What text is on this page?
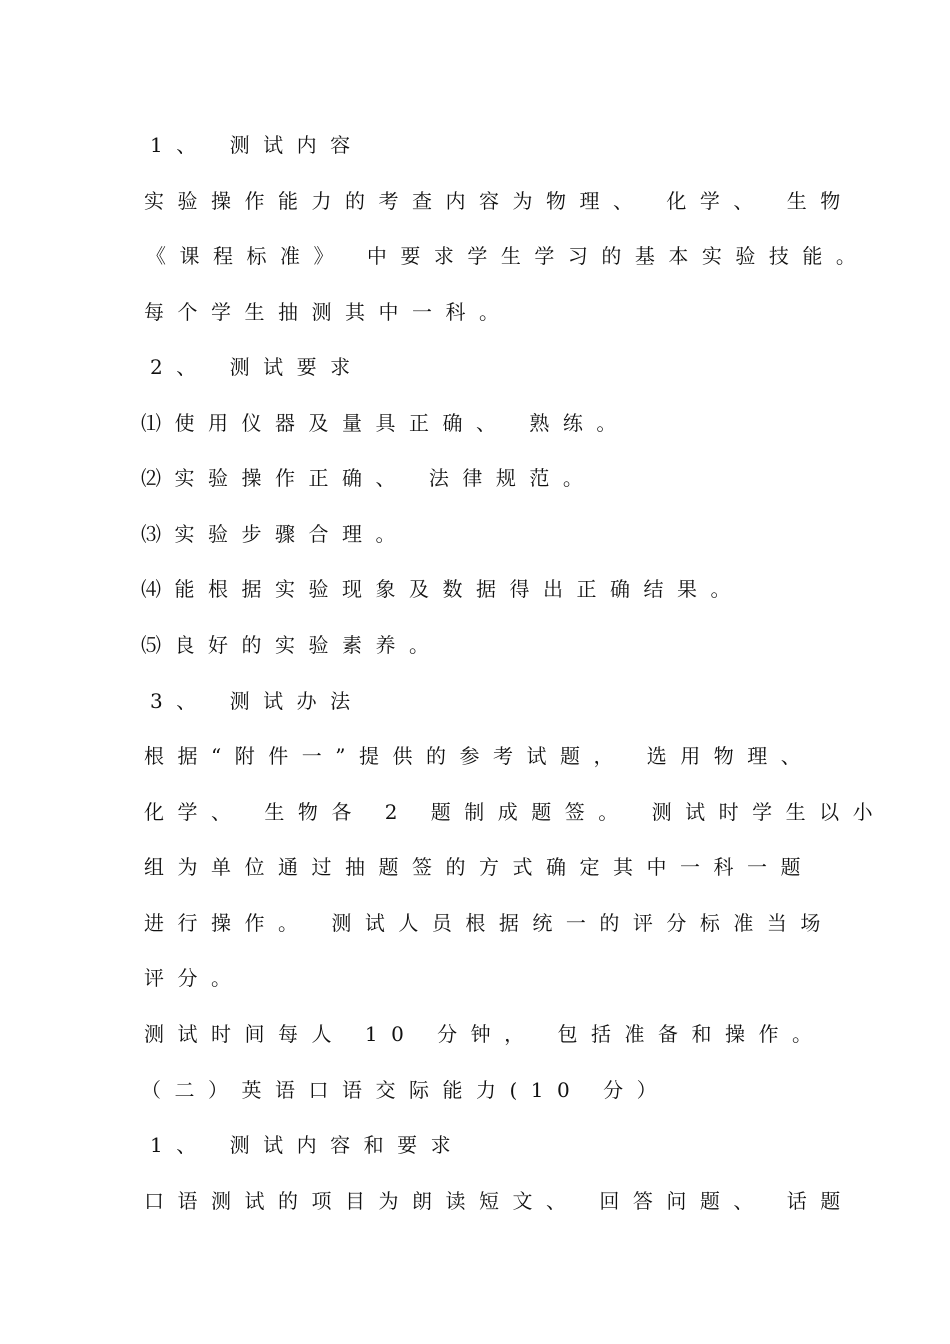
1、 测试内容
实验操作能力的考查内容为物理、 化学、 生物
《课程标准》 中要求学生学习的基本实验技能。
每个学生抽测其中一科。
2、 测试要求
⑴使用仪器及量具正确、 熟练。
⑵实验操作正确、 法律规范。
⑶实验步骤合理。
⑷能根据实验现象及数据得出正确结果。
⑸良好的实验素养。
3、 测试办法
根据“附件一”提供的参考试题， 选用物理、
化学、 生物各 2 题制成题签。 测试时学生以小
组为单位通过抽题签的方式确定其中一科一题
进行操作。 测试人员根据统一的评分标准当场
评分。
测试时间每人 10 分钟， 包括准备和操作。
（二）英语口语交际能力(10 分）
1、 测试内容和要求
口语测试的项目为朗读短文、 回答问题、 话题
